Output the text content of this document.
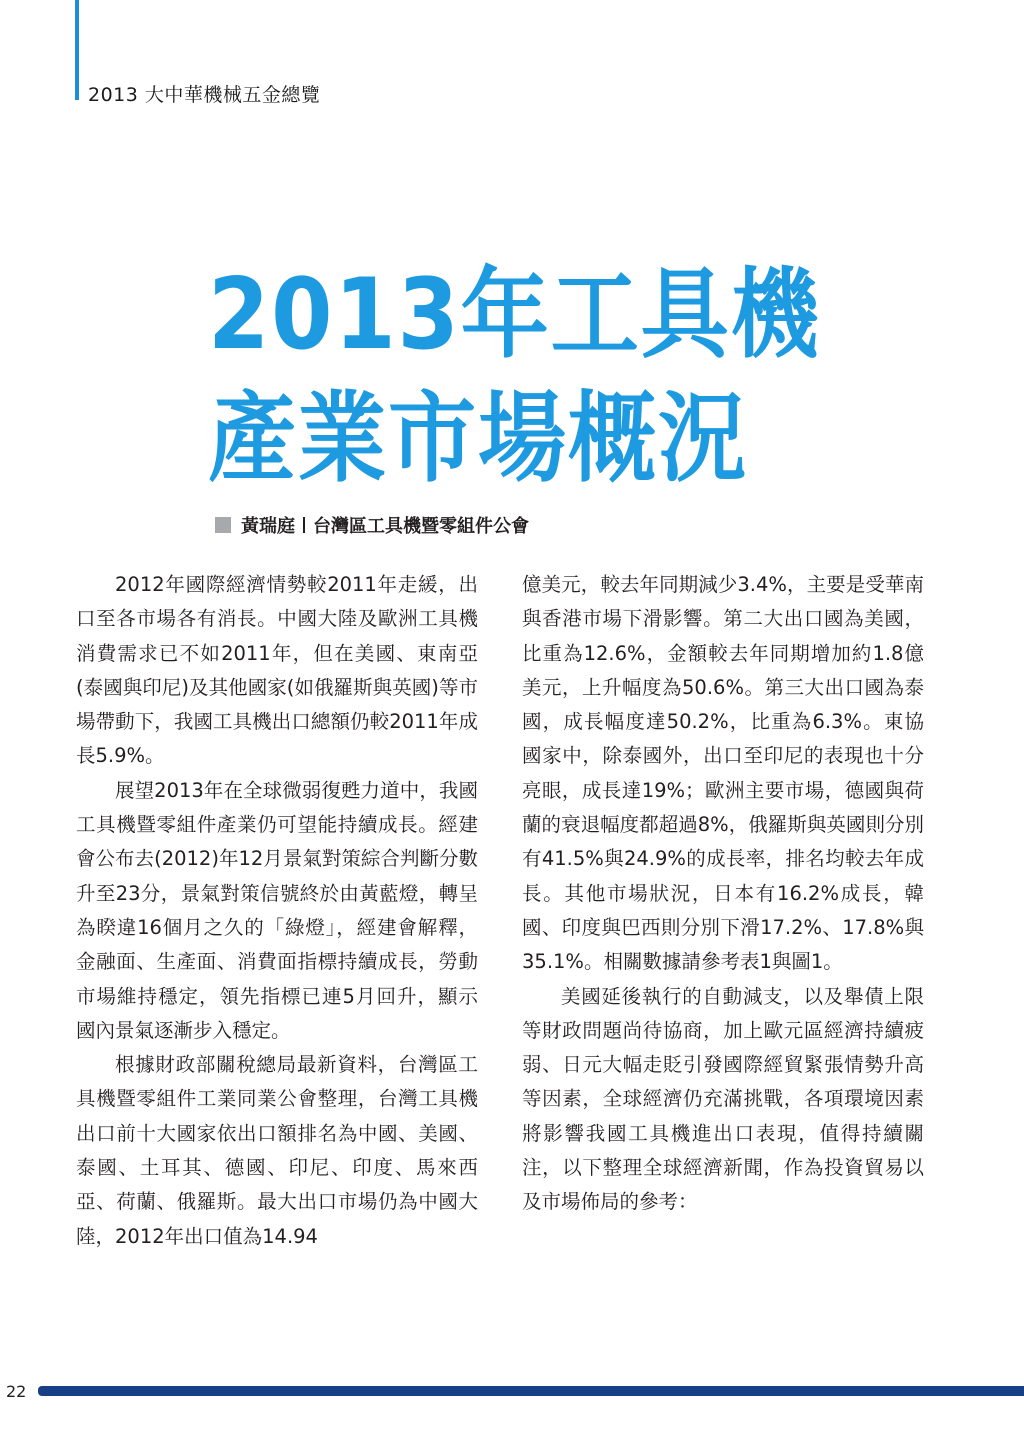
2013 大中華機械五金總覽
2013年工具機
產業市場概況
黃瑞庭 台灣區工具機暨零組件公會

2012年國際經濟情勢較2011年走緩，出口至各市場各有消長。中國大陸及歐洲工具機消費需求已不如2011年，但在美國、東南亞(泰國與印尼)及其他國家(如俄羅斯與英國)等市場帶動下，我國工具機出口總額仍較2011年成長5.9%。

展望2013年在全球微弱復甦力道中，我國工具機暨零組件產業仍可望能持續成長。經建會公布去(2012)年12月景氣對策綜合判斷分數升至23分，景氣對策信號終於由黃藍燈，轉呈為睽違16個月之久的「綠燈」，經建會解釋，金融面、生產面、消費面指標持續成長，勞動市場維持穩定，領先指標已連5月回升，顯示國內景氣逐漸步入穩定。

根據財政部關稅總局最新資料，台灣區工具機暨零組件工業同業公會整理，台灣工具機出口前十大國家依出口額排名為中國、美國、泰國、土耳其、德國、印尼、印度、馬來西亞、荷蘭、俄羅斯。最大出口市場仍為中國大陸，2012年出口值為14.94

億美元，較去年同期減少3.4%，主要是受華南與香港市場下滑影響。第二大出口國為美國，比重為12.6%，金額較去年同期增加約1.8億美元，上升幅度為50.6%。第三大出口國為泰國，成長幅度達50.2%，比重為6.3%。東協國家中，除泰國外，出口至印尼的表現也十分亮眼，成長達19%；歐洲主要市場，德國與荷蘭的衰退幅度都超過8%，俄羅斯與英國則分別有41.5%與24.9%的成長率，排名均較去年成長。其他市場狀況，日本有16.2%成長，韓國、印度與巴西則分別下滑17.2%、17.8%與35.1%。相關數據請參考表1與圖1。

美國延後執行的自動減支，以及舉債上限等財政問題尚待協商，加上歐元區經濟持續疲弱、日元大幅走貶引發國際經貿緊張情勢升高等因素，全球經濟仍充滿挑戰，各項環境因素將影響我國工具機進出口表現，值得持續關注，以下整理全球經濟新聞，作為投資貿易以及市場佈局的參考：

22
